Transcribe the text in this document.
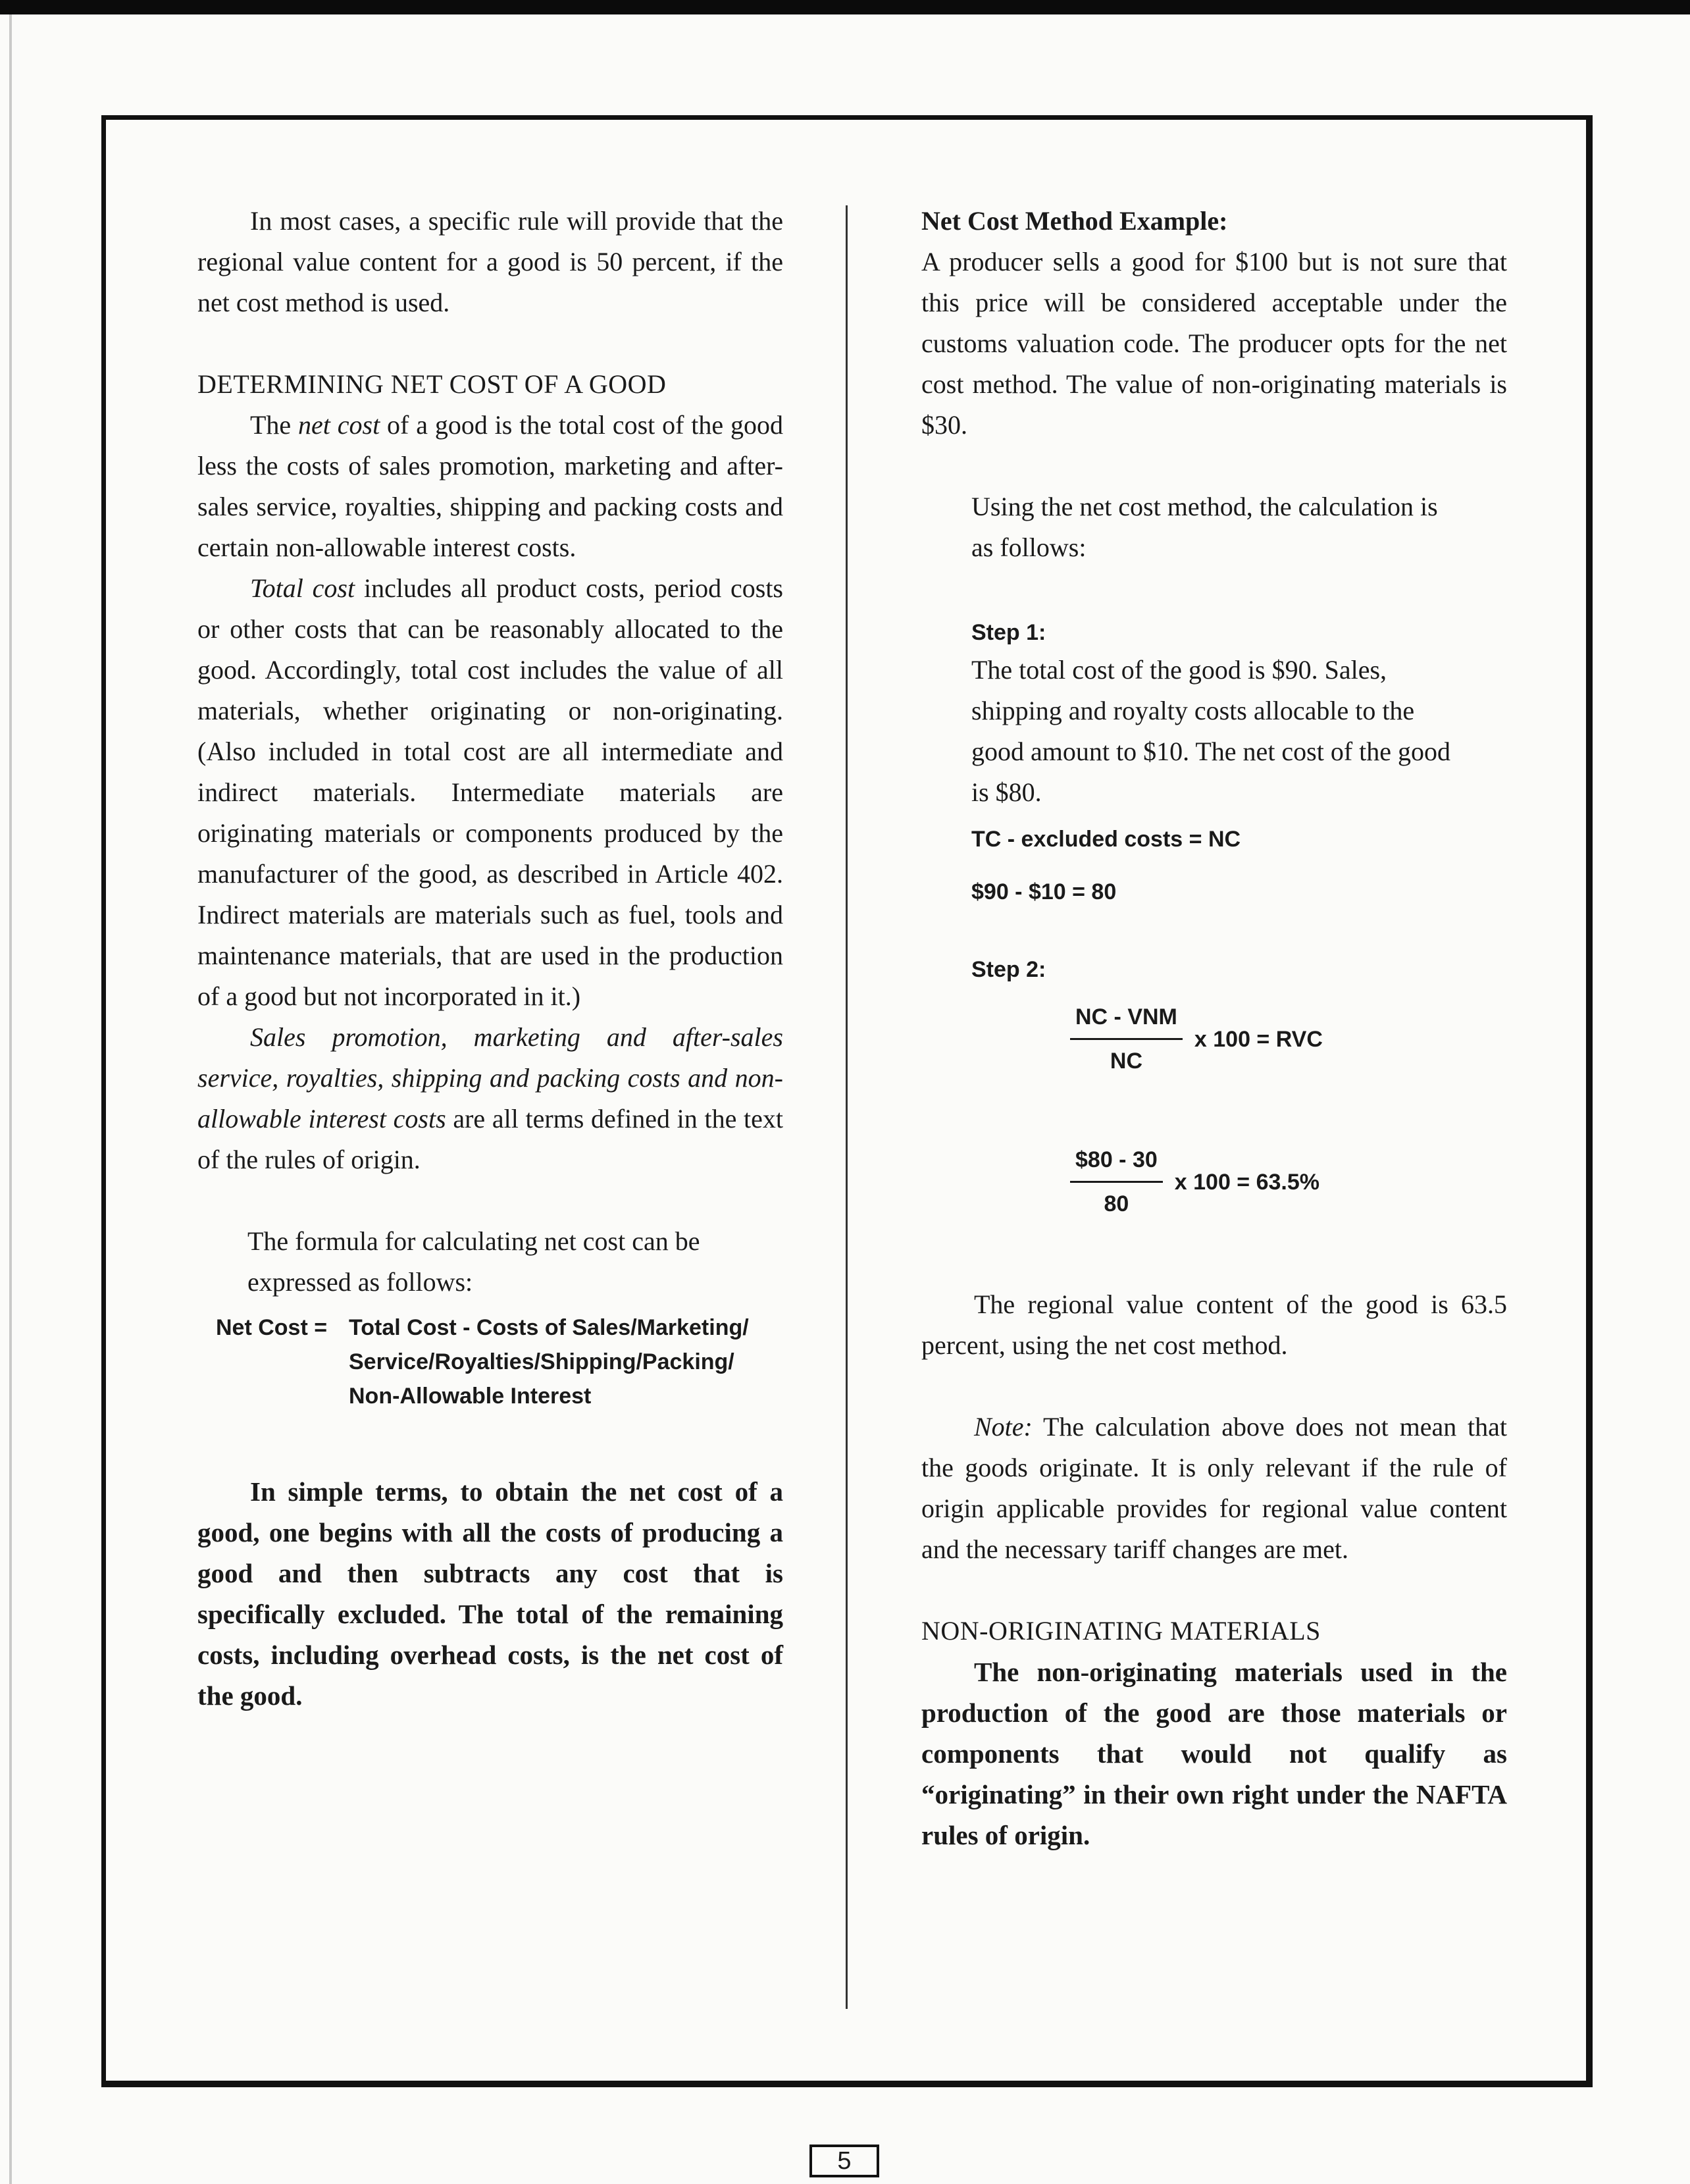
In most cases, a specific rule will provide that the regional value content for a good is 50 percent, if the net cost method is used.

DETERMINING NET COST OF A GOOD

The net cost of a good is the total cost of the good less the costs of sales promotion, marketing and after-sales service, royalties, shipping and packing costs and certain non-allowable interest costs.

Total cost includes all product costs, period costs or other costs that can be reasonably allocated to the good. Accordingly, total cost includes the value of all materials, whether originating or non-originating. (Also included in total cost are all intermediate and indirect materials. Intermediate materials are originating materials or components produced by the manufacturer of the good, as described in Article 402. Indirect materials are materials such as fuel, tools and maintenance materials, that are used in the production of a good but not incorporated in it.)

Sales promotion, marketing and after-sales service, royalties, shipping and packing costs and non-allowable interest costs are all terms defined in the text of the rules of origin.

The formula for calculating net cost can be expressed as follows:

Net Cost = Total Cost - Costs of Sales/Marketing/
Service/Royalties/Shipping/Packing/
Non-Allowable Interest

In simple terms, to obtain the net cost of a good, one begins with all the costs of producing a good and then subtracts any cost that is specifically excluded. The total of the remaining costs, including overhead costs, is the net cost of the good.

Net Cost Method Example:

A producer sells a good for $100 but is not sure that this price will be considered acceptable under the customs valuation code. The producer opts for the net cost method. The value of non-originating materials is $30.

Using the net cost method, the calculation is as follows:

Step 1:

The total cost of the good is $90. Sales, shipping and royalty costs allocable to the good amount to $10. The net cost of the good is $80.

TC - excluded costs = NC
$90 - $10 = 80
Step 2:
$\frac{\text{NC - VNM}}{NC}$ x 100 = RVC
$\frac{\$80 - 30}{80}$ x 100 = 63.5%

The regional value content of the good is 63.5 percent, using the net cost method.

Note: The calculation above does not mean that the goods originate. It is only relevant if the rule of origin applicable provides for regional value content and the necessary tariff changes are met.

NON-ORIGINATING MATERIALS

The non-originating materials used in the production of the good are those materials or components that would not qualify as “originating” in their own right under the NAFTA rules of origin.

5
